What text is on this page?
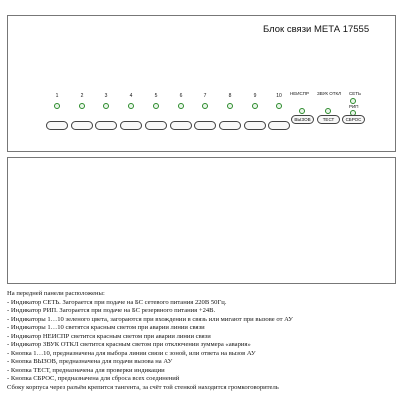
Блок связи МЕТА 17555
1	2	3	4	5	6	7	8	9	10	НЕИСПР ЗВУК ОТКЛ СЕТЬ
РИП
ВЫЗОВ	ТЕСТ	СБРОС
На передней панели расположены:
- Индикатор СЕТЬ. Загорается при подаче на БС сетевого питания 220В 50Гц.
- Индикатор РИП. Загорается при подаче на БС резервного питания +24В.
- Индикаторы 1…10 зеленого цвета, загораются при вхождении в связь или мигают при вызове от АУ
- Индикаторы 1…10 светятся красным светом при аварии линии связи
- Индикатор НЕИСПР светится красным светом при аварии линии связи
- Индикатор ЗВУК ОТКЛ светится красным светом при отключении зуммера «авария»
- Кнопка 1…10, предназначена для выбора линии связи с зоной, или ответа на вызов АУ
- Кнопка ВЫЗОВ, предназначена для подачи вызова на АУ
- Кнопка ТЕСТ, предназначена для проверки индикации
- Кнопка СБРОС, предназначена для сброса всех соединений
Сбоку корпуса через разъём крепится тангента, за счёт той стенкой находится громкоговоритель
